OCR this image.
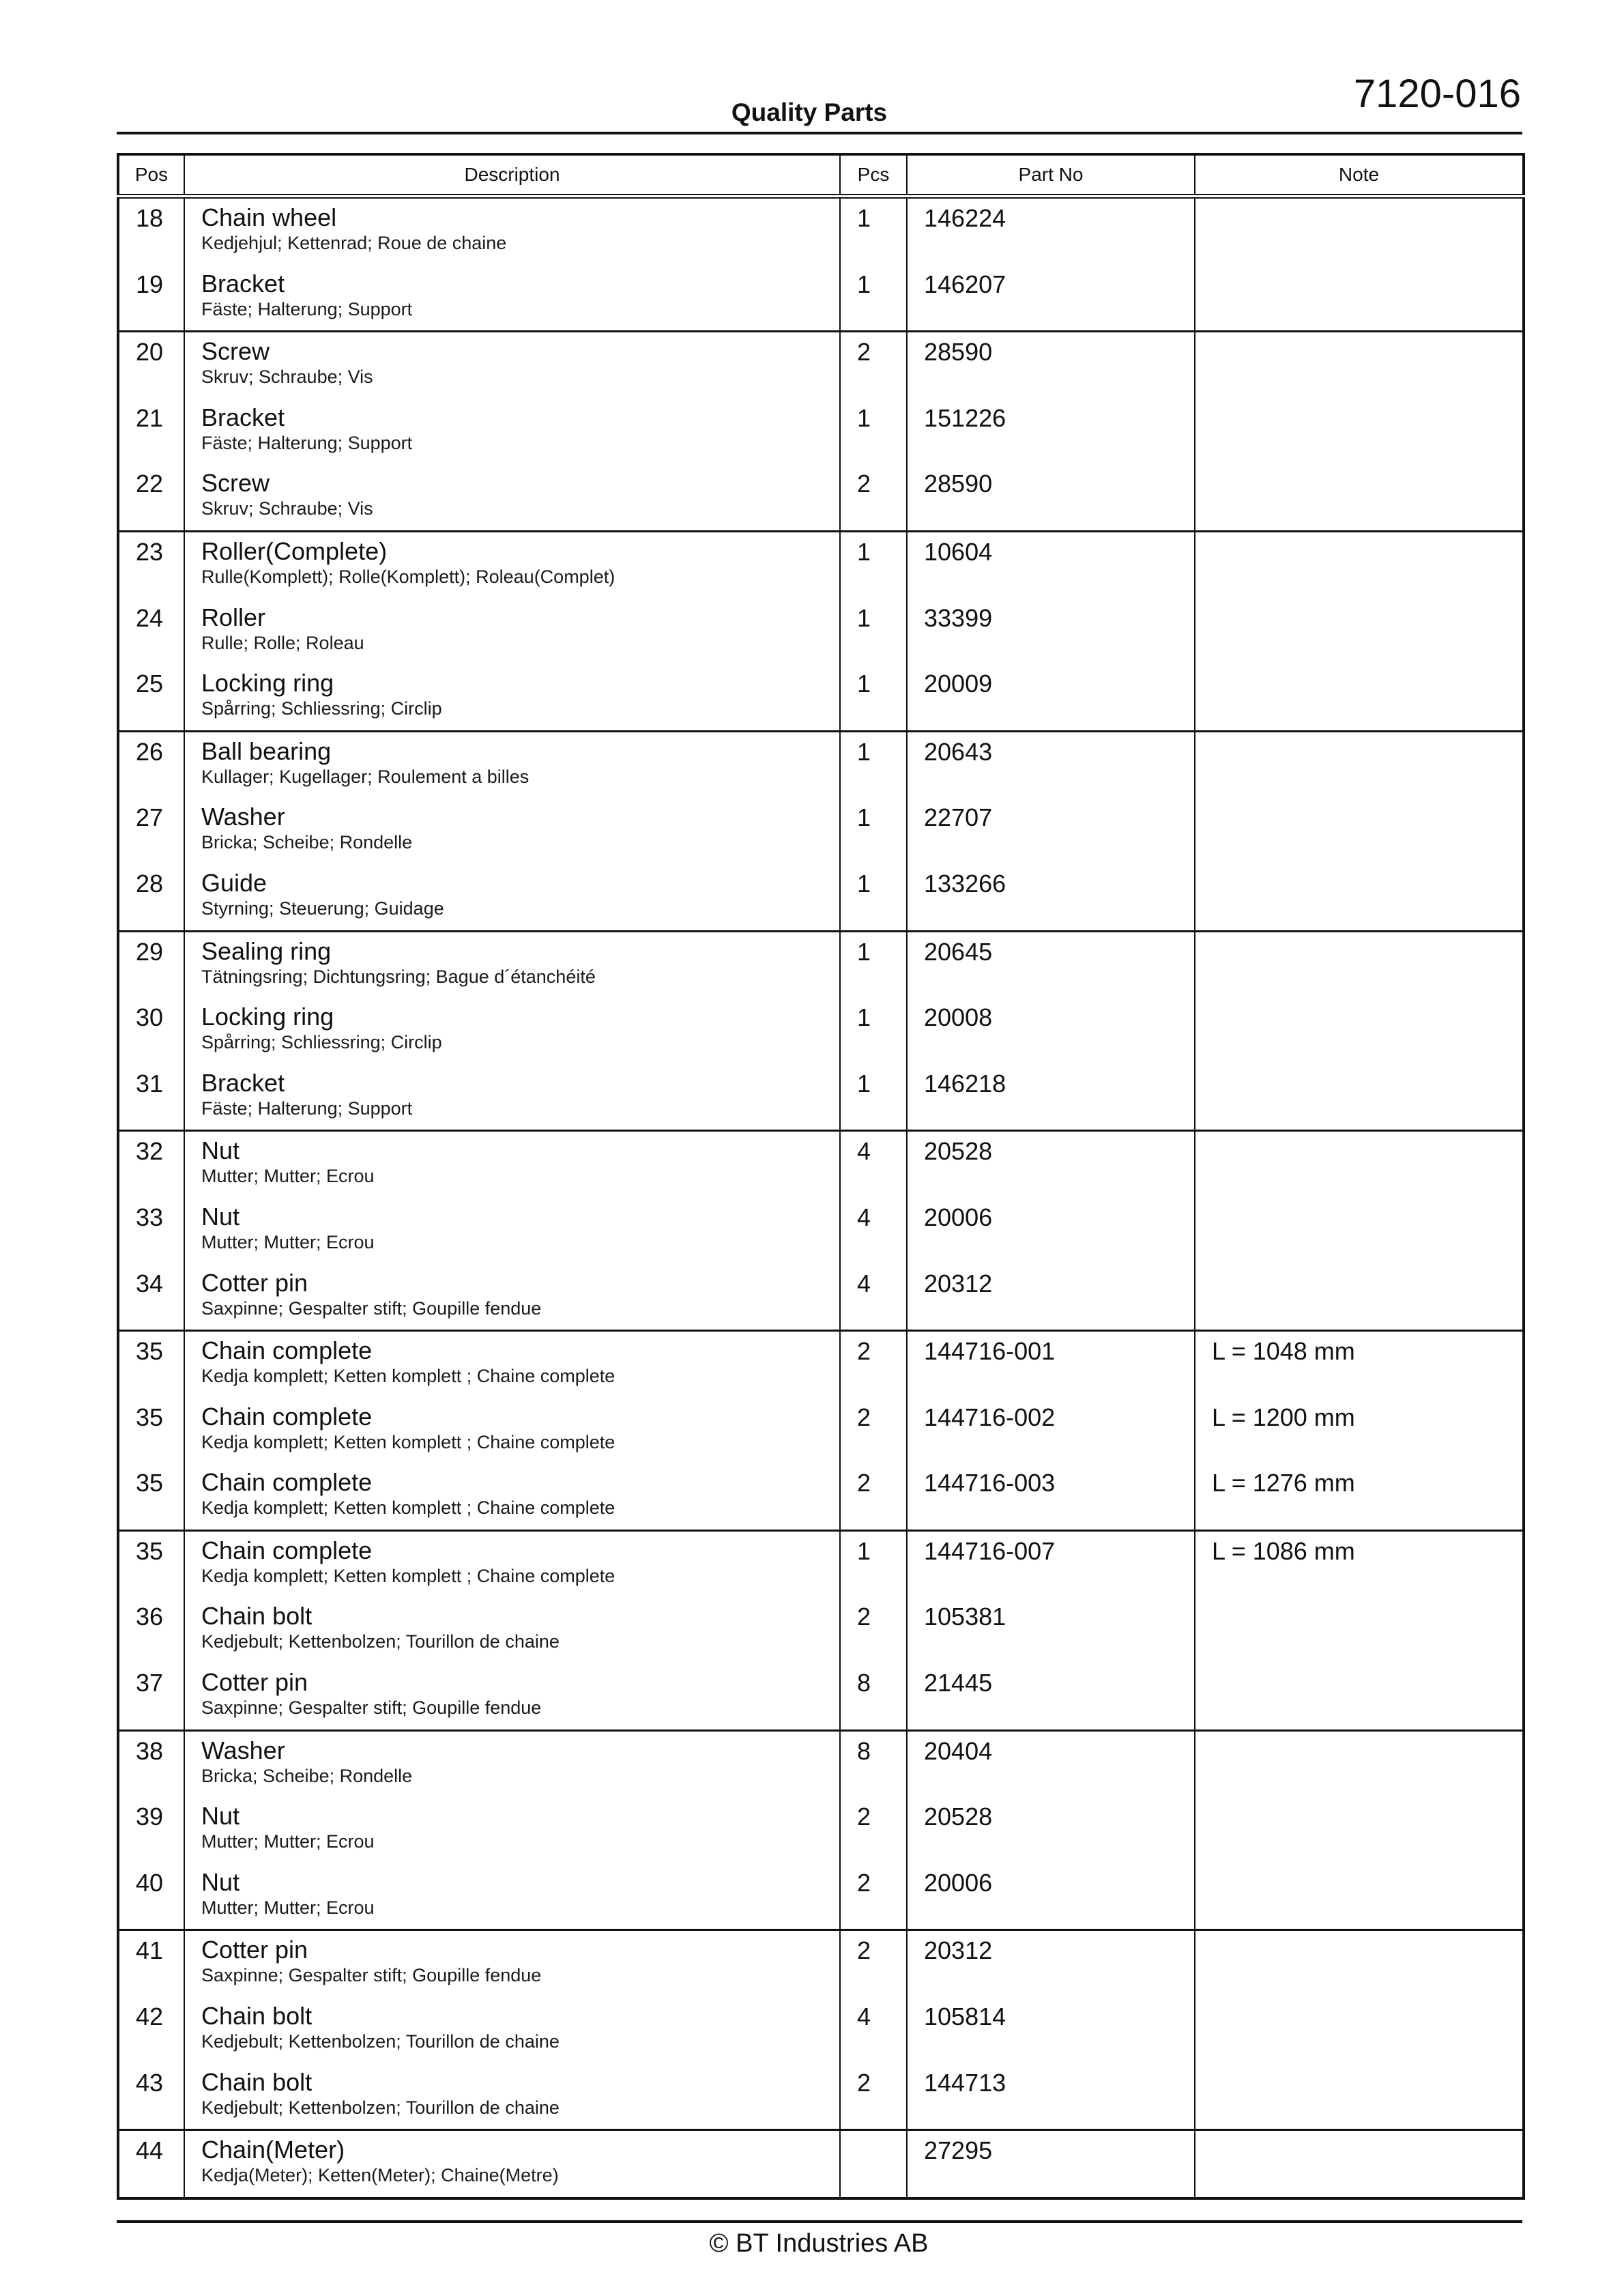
7120-016
Quality Parts
Pos	Description	Pcs	Part No	Note
18	Chain wheel
Kedjehjul; Kettenrad; Roue de chaine	1	146224	
19	Bracket
Fäste; Halterung; Support	1	146207	
20	Screw
Skruv; Schraube; Vis	2	28590	
21	Bracket
Fäste; Halterung; Support	1	151226	
22	Screw
Skruv; Schraube; Vis	2	28590	
23	Roller(Complete)
Rulle(Komplett); Rolle(Komplett); Roleau(Complet)	1	10604	
24	Roller
Rulle; Rolle; Roleau	1	33399	
25	Locking ring
Spårring; Schliessring; Circlip	1	20009	
26	Ball bearing
Kullager; Kugellager; Roulement a billes	1	20643	
27	Washer
Bricka; Scheibe; Rondelle	1	22707	
28	Guide
Styrning; Steuerung; Guidage	1	133266	
29	Sealing ring
Tätningsring; Dichtungsring; Bague d´étanchéité	1	20645	
30	Locking ring
Spårring; Schliessring; Circlip	1	20008	
31	Bracket
Fäste; Halterung; Support	1	146218	
32	Nut
Mutter; Mutter; Ecrou	4	20528	
33	Nut
Mutter; Mutter; Ecrou	4	20006	
34	Cotter pin
Saxpinne; Gespalter stift; Goupille fendue	4	20312	
35	Chain complete
Kedja komplett; Ketten komplett ; Chaine complete	2	144716-001	L = 1048 mm
35	Chain complete
Kedja komplett; Ketten komplett ; Chaine complete	2	144716-002	L = 1200 mm
35	Chain complete
Kedja komplett; Ketten komplett ; Chaine complete	2	144716-003	L = 1276 mm
35	Chain complete
Kedja komplett; Ketten komplett ; Chaine complete	1	144716-007	L = 1086 mm
36	Chain bolt
Kedjebult; Kettenbolzen; Tourillon de chaine	2	105381	
37	Cotter pin
Saxpinne; Gespalter stift; Goupille fendue	8	21445	
38	Washer
Bricka; Scheibe; Rondelle	8	20404	
39	Nut
Mutter; Mutter; Ecrou	2	20528	
40	Nut
Mutter; Mutter; Ecrou	2	20006	
41	Cotter pin
Saxpinne; Gespalter stift; Goupille fendue	2	20312	
42	Chain bolt
Kedjebult; Kettenbolzen; Tourillon de chaine	4	105814	
43	Chain bolt
Kedjebult; Kettenbolzen; Tourillon de chaine	2	144713	
44	Chain(Meter)
Kedja(Meter); Ketten(Meter); Chaine(Metre)		27295	
© BT Industries AB
